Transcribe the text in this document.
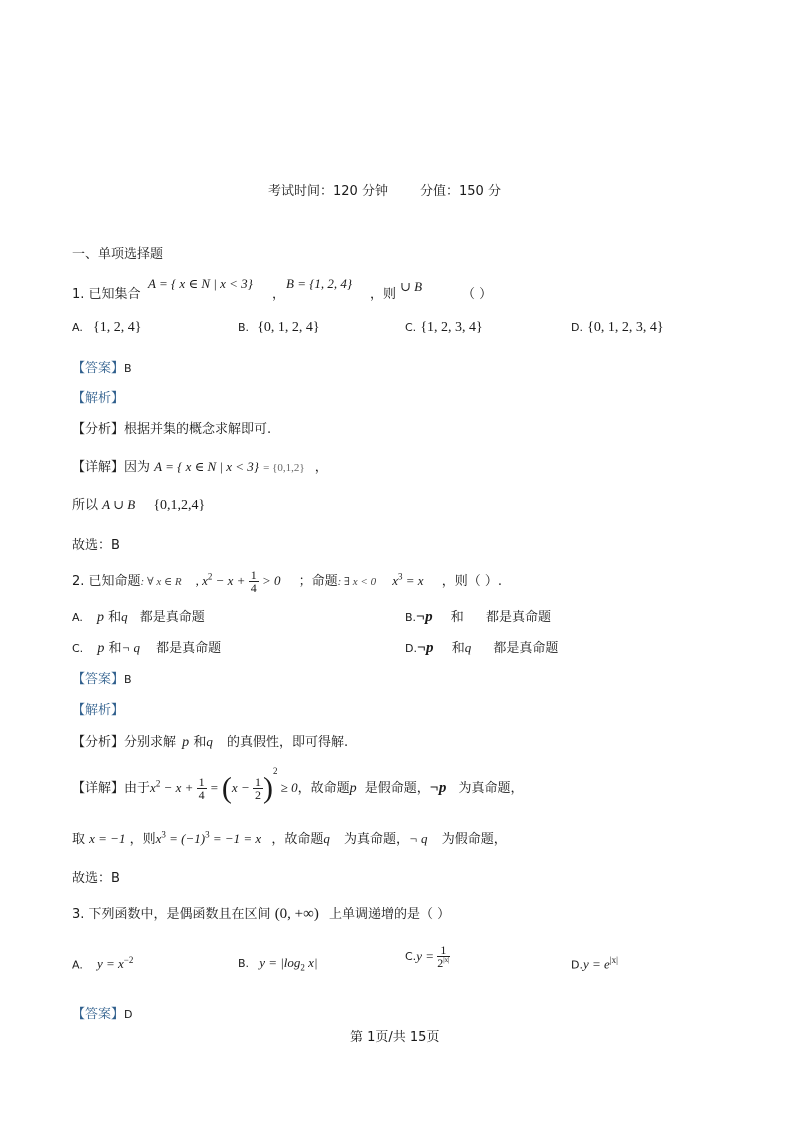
考试时间：120 分钟 分值：150 分
一、单项选择题
1. 已知集合
A = { x ∈ N | x < 3}
，
B = {1, 2, 4}
，则
∪ B
（ ）
A. {1, 2, 4}	B. {0, 1, 2, 4}	C. {1, 2, 3, 4}	D. {0, 1, 2, 3, 4}
【答案】B
【解析】
【分析】根据并集的概念求解即可.
【详解】因为 A = { x ∈ N | x < 3} = {0,1,2} ，
所以 A ∪ B {0,1,2,4}
故选：B
2. 已知命题: ∀ x ∈ R , $x^2 - x + \frac{1}{4} > 0$ ；命题: ∃ x < 0 $x^3 = x$ ，则（ ）.
A. p 和q 都是真命题	B.¬p 和 都是真命题
C. p 和¬ q 都是真命题	D.¬p 和q 都是真命题
【答案】B
【解析】
【分析】分别求解 p 和q 的真假性，即可得解.
【详解】由于$x^2 - x + \frac{1}{4} = (x - \frac{1}{2} )^2 \ge 0$，故命题p 是假命题，¬p 为真命题，
取 x = −1 ，则$x^3 = (-1)^3 = -1 = x$ ，故命题q 为真命题，¬ q 为假命题，
故选：B
3. 下列函数中，是偶函数且在区间 (0, +∞) 上单调递增的是（ ）
A. $y = x^{-2}$	B. $y = |\log_2$ x|	$C.y = \frac{1}{2^{|x|}}$	$D.y = e^{|x|}$
【答案】D
第 1页/共 15页
